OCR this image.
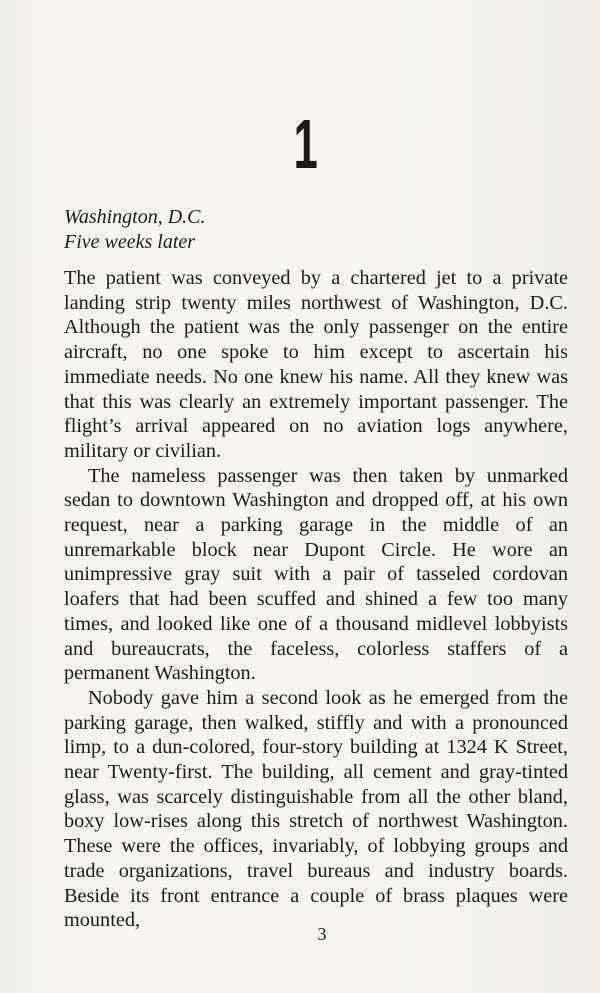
1
Washington, D.C.
Five weeks later

The patient was conveyed by a chartered jet to a private landing strip twenty miles northwest of Washington, D.C. Although the patient was the only passenger on the entire aircraft, no one spoke to him except to ascertain his immediate needs. No one knew his name. All they knew was that this was clearly an extremely important passenger. The flight’s arrival appeared on no aviation logs anywhere, military or civilian.

The nameless passenger was then taken by unmarked sedan to downtown Washington and dropped off, at his own request, near a parking garage in the middle of an unremarkable block near Dupont Circle. He wore an unimpressive gray suit with a pair of tasseled cordovan loafers that had been scuffed and shined a few too many times, and looked like one of a thousand midlevel lobbyists and bureaucrats, the faceless, colorless staffers of a permanent Washington.

Nobody gave him a second look as he emerged from the parking garage, then walked, stiffly and with a pronounced limp, to a dun-colored, four-story building at 1324 K Street, near Twenty-first. The building, all cement and gray-tinted glass, was scarcely distinguishable from all the other bland, boxy low-rises along this stretch of northwest Washington. These were the offices, invariably, of lobbying groups and trade organizations, travel bureaus and industry boards. Beside its front entrance a couple of brass plaques were mounted,

3
